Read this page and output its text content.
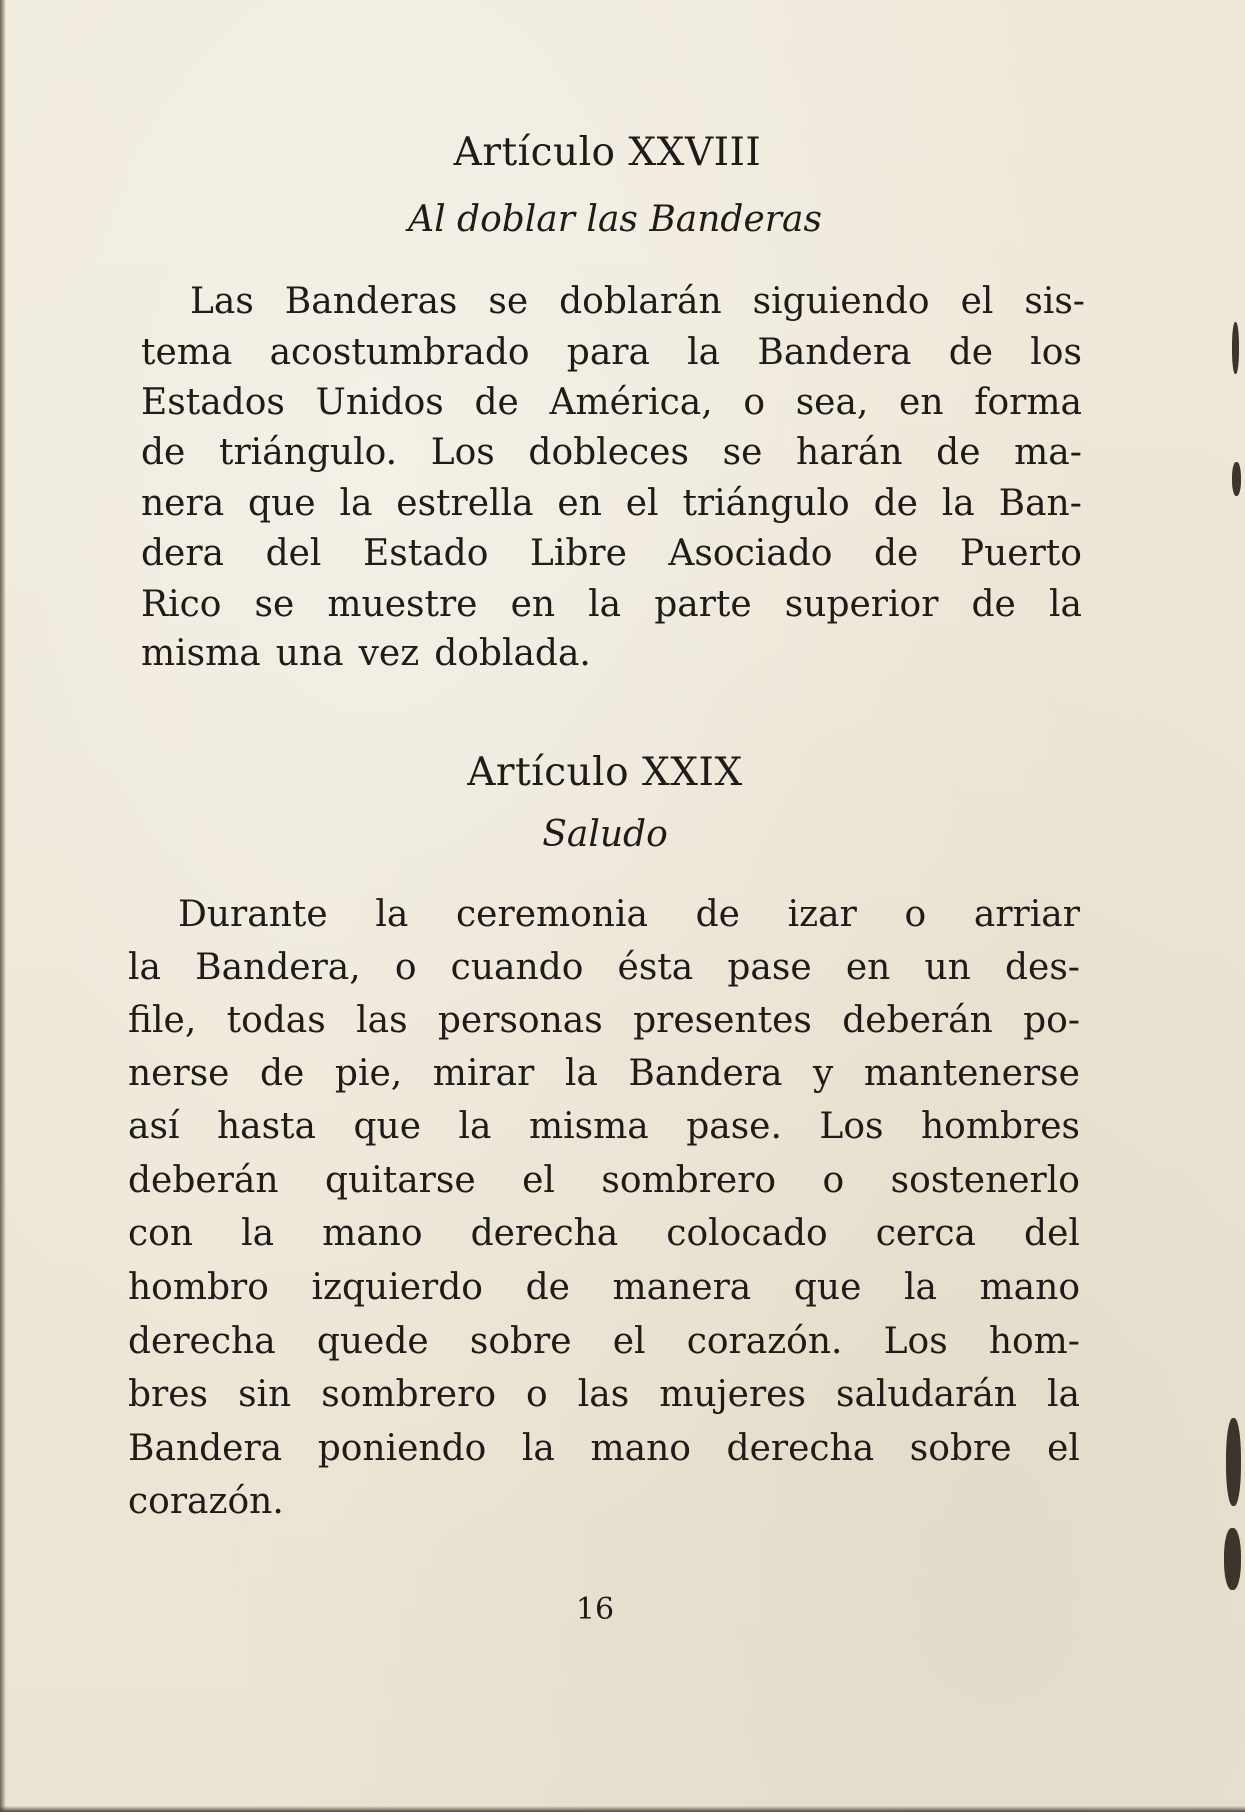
Artículo XXVIII
Al doblar las Banderas
Las Banderas se doblarán siguiendo el sis-
tema acostumbrado para la Bandera de los
Estados Unidos de América, o sea, en forma
de triángulo. Los dobleces se harán de ma-
nera que la estrella en el triángulo de la Ban-
dera del Estado Libre Asociado de Puerto
Rico se muestre en la parte superior de la
misma una vez doblada.
Artículo XXIX
Saludo
Durante la ceremonia de izar o arriar
la Bandera, o cuando ésta pase en un des-
file, todas las personas presentes deberán po-
nerse de pie, mirar la Bandera y mantenerse
así hasta que la misma pase. Los hombres
deberán quitarse el sombrero o sostenerlo
con la mano derecha colocado cerca del
hombro izquierdo de manera que la mano
derecha quede sobre el corazón. Los hom-
bres sin sombrero o las mujeres saludarán la
Bandera poniendo la mano derecha sobre el
corazón.
16
